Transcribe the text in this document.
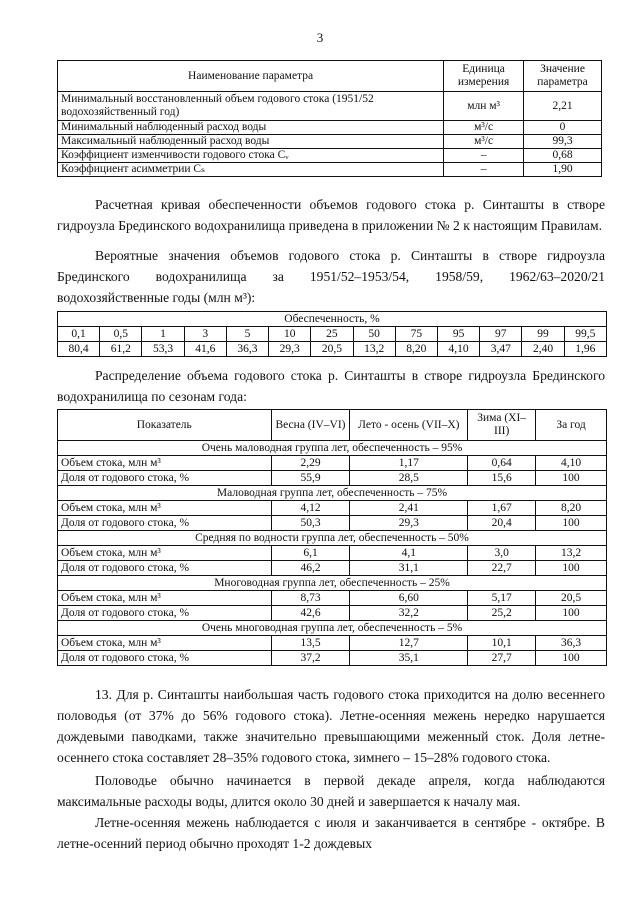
3
Наименование параметра	Единица измерения	Значение параметра
Минимальный восстановленный объем годового стока (1951/52 водохозяйственный год)	млн м³	2,21
Минимальный наблюденный расход воды	м³/с	0
Максимальный наблюденный расход воды	м³/с	99,3
Коэффициент изменчивости годового стока Cᵥ	–	0,68
Коэффициент асимметрии Cₛ	–	1,90

Расчетная кривая обеспеченности объемов годового стока р. Синташты в створе гидроузла Брединского водохранилища приведена в приложении № 2 к настоящим Правилам.

Вероятные значения объемов годового стока р. Синташты в створе гидроузла Брединского водохранилища за 1951/52–1953/54, 1958/59, 1962/63–2020/21 водохозяйственные годы (млн м³):

Обеспеченность, %												
0,1	0,5	1	3	5	10	25	50	75	95	97	99	99,5
80,4	61,2	53,3	41,6	36,3	29,3	20,5	13,2	8,20	4,10	3,47	2,40	1,96

Распределение объема годового стока р. Синташты в створе гидроузла Брединского водохранилища по сезонам года:

Показатель	Весна (IV–VI)	Лето - осень (VII–X)	Зима (XI–III)	За год
Очень маловодная группа лет, обеспеченность – 95%				
Объем стока, млн м³	2,29	1,17	0,64	4,10
Доля от годового стока, %	55,9	28,5	15,6	100
Маловодная группа лет, обеспеченность – 75%				
Объем стока, млн м³	4,12	2,41	1,67	8,20
Доля от годового стока, %	50,3	29,3	20,4	100
Средняя по водности группа лет, обеспеченность – 50%				
Объем стока, млн м³	6,1	4,1	3,0	13,2
Доля от годового стока, %	46,2	31,1	22,7	100
Многоводная группа лет, обеспеченность – 25%				
Объем стока, млн м³	8,73	6,60	5,17	20,5
Доля от годового стока, %	42,6	32,2	25,2	100
Очень многоводная группа лет, обеспеченность – 5%				
Объем стока, млн м³	13,5	12,7	10,1	36,3
Доля от годового стока, %	37,2	35,1	27,7	100

13. Для р. Синташты наибольшая часть годового стока приходится на долю весеннего половодья (от 37% до 56% годового стока). Летне-осенняя межень нередко нарушается дождевыми паводками, также значительно превышающими меженный сток. Доля летне-осеннего стока составляет 28–35% годового стока, зимнего – 15–28% годового стока.

Половодье обычно начинается в первой декаде апреля, когда наблюдаются максимальные расходы воды, длится около 30 дней и завершается к началу мая.

Летне-осенняя межень наблюдается с июля и заканчивается в сентябре - октябре. В летне-осенний период обычно проходят 1-2 дождевых
